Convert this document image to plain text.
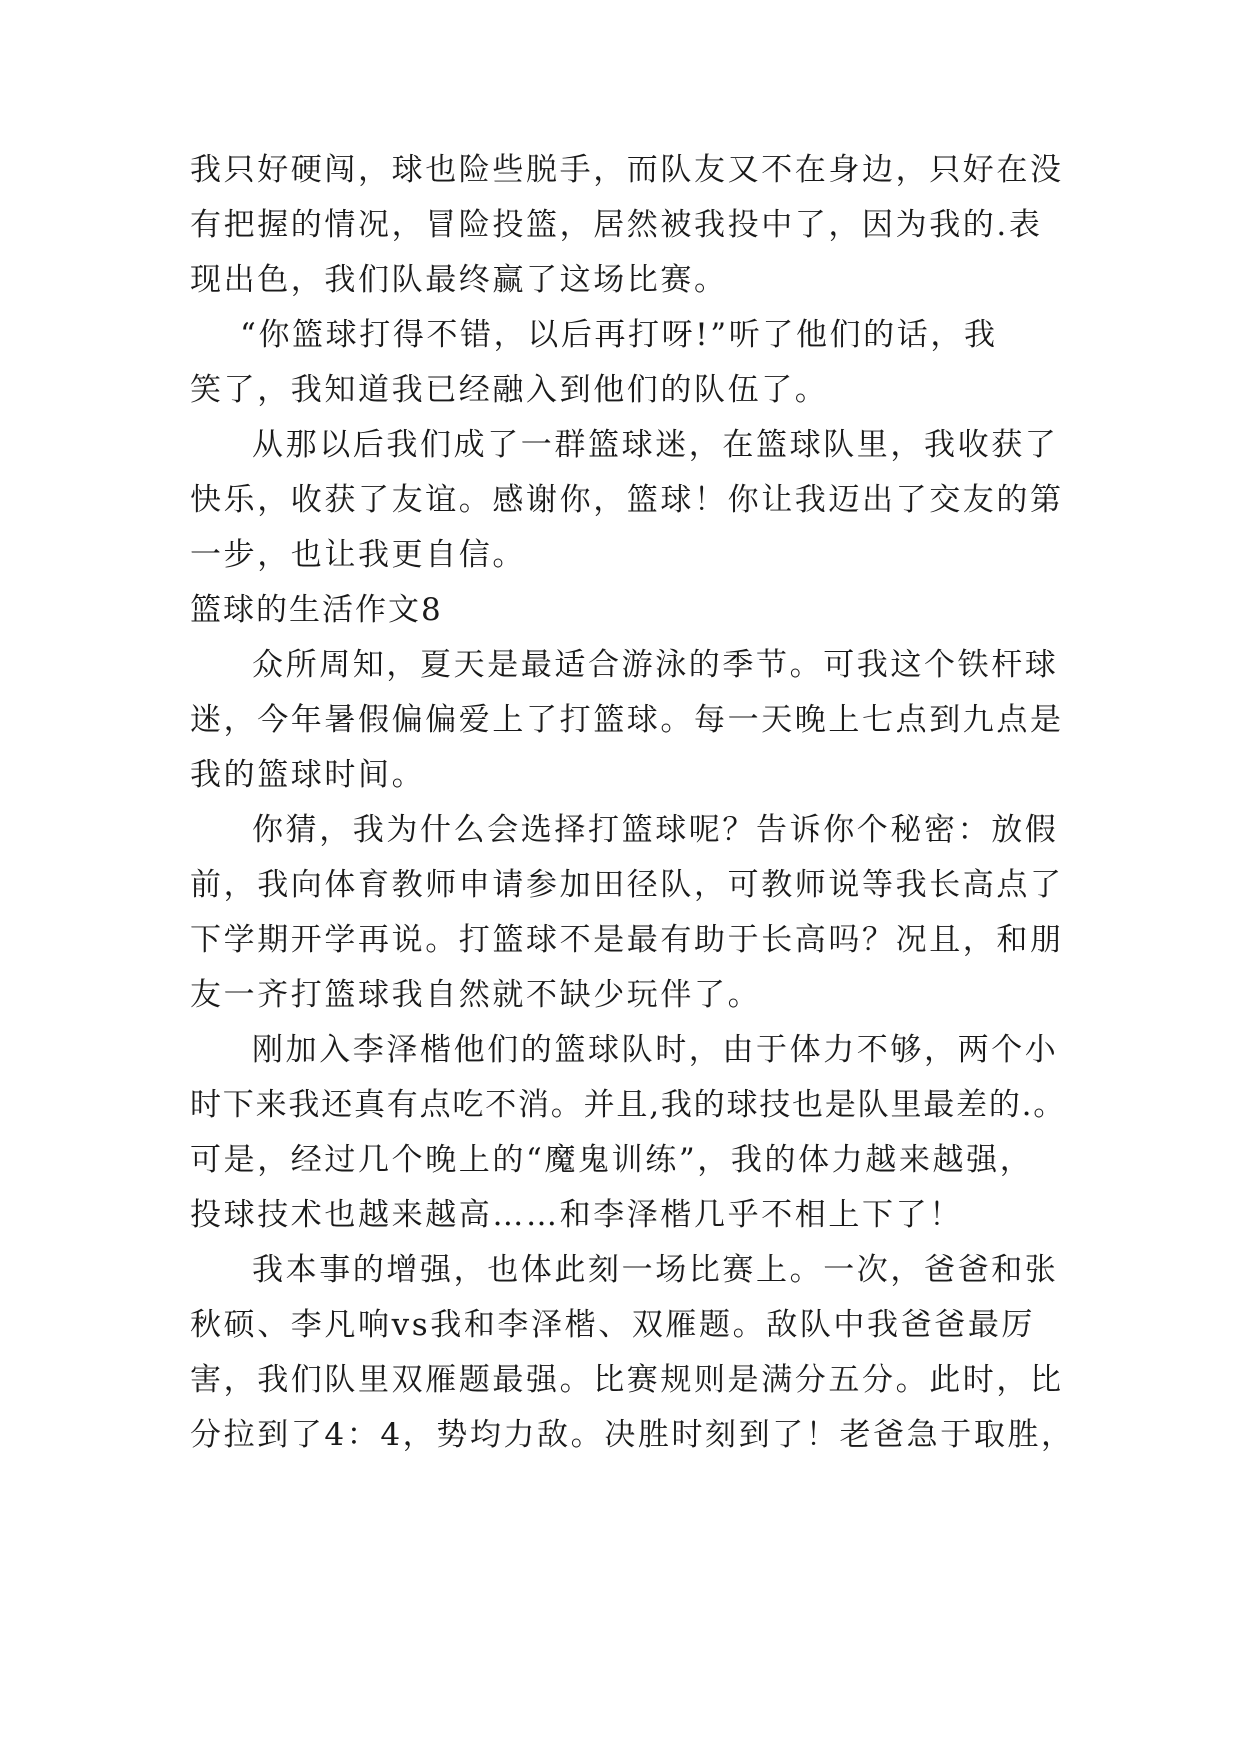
我只好硬闯，球也险些脱手，而队友又不在身边，只好在没
有把握的情况，冒险投篮，居然被我投中了，因为我的.表
现出色，我们队最终赢了这场比赛。
“你篮球打得不错，以后再打呀!”听了他们的话，我
笑了，我知道我已经融入到他们的队伍了。
从那以后我们成了一群篮球迷，在篮球队里，我收获了
快乐，收获了友谊。感谢你，篮球！你让我迈出了交友的第
一步，也让我更自信。
篮球的生活作文8
众所周知，夏天是最适合游泳的季节。可我这个铁杆球
迷，今年暑假偏偏爱上了打篮球。每一天晚上七点到九点是
我的篮球时间。
你猜，我为什么会选择打篮球呢？告诉你个秘密：放假
前，我向体育教师申请参加田径队，可教师说等我长高点了
下学期开学再说。打篮球不是最有助于长高吗？况且，和朋
友一齐打篮球我自然就不缺少玩伴了。
刚加入李泽楷他们的篮球队时，由于体力不够，两个小
时下来我还真有点吃不消。并且,我的球技也是队里最差的.。
可是，经过几个晚上的“魔鬼训练”，我的体力越来越强，
投球技术也越来越高……和李泽楷几乎不相上下了！
我本事的增强，也体此刻一场比赛上。一次，爸爸和张
秋硕、李凡响vs我和李泽楷、双雁题。敌队中我爸爸最厉
害，我们队里双雁题最强。比赛规则是满分五分。此时，比
分拉到了4：4，势均力敌。决胜时刻到了！老爸急于取胜，
